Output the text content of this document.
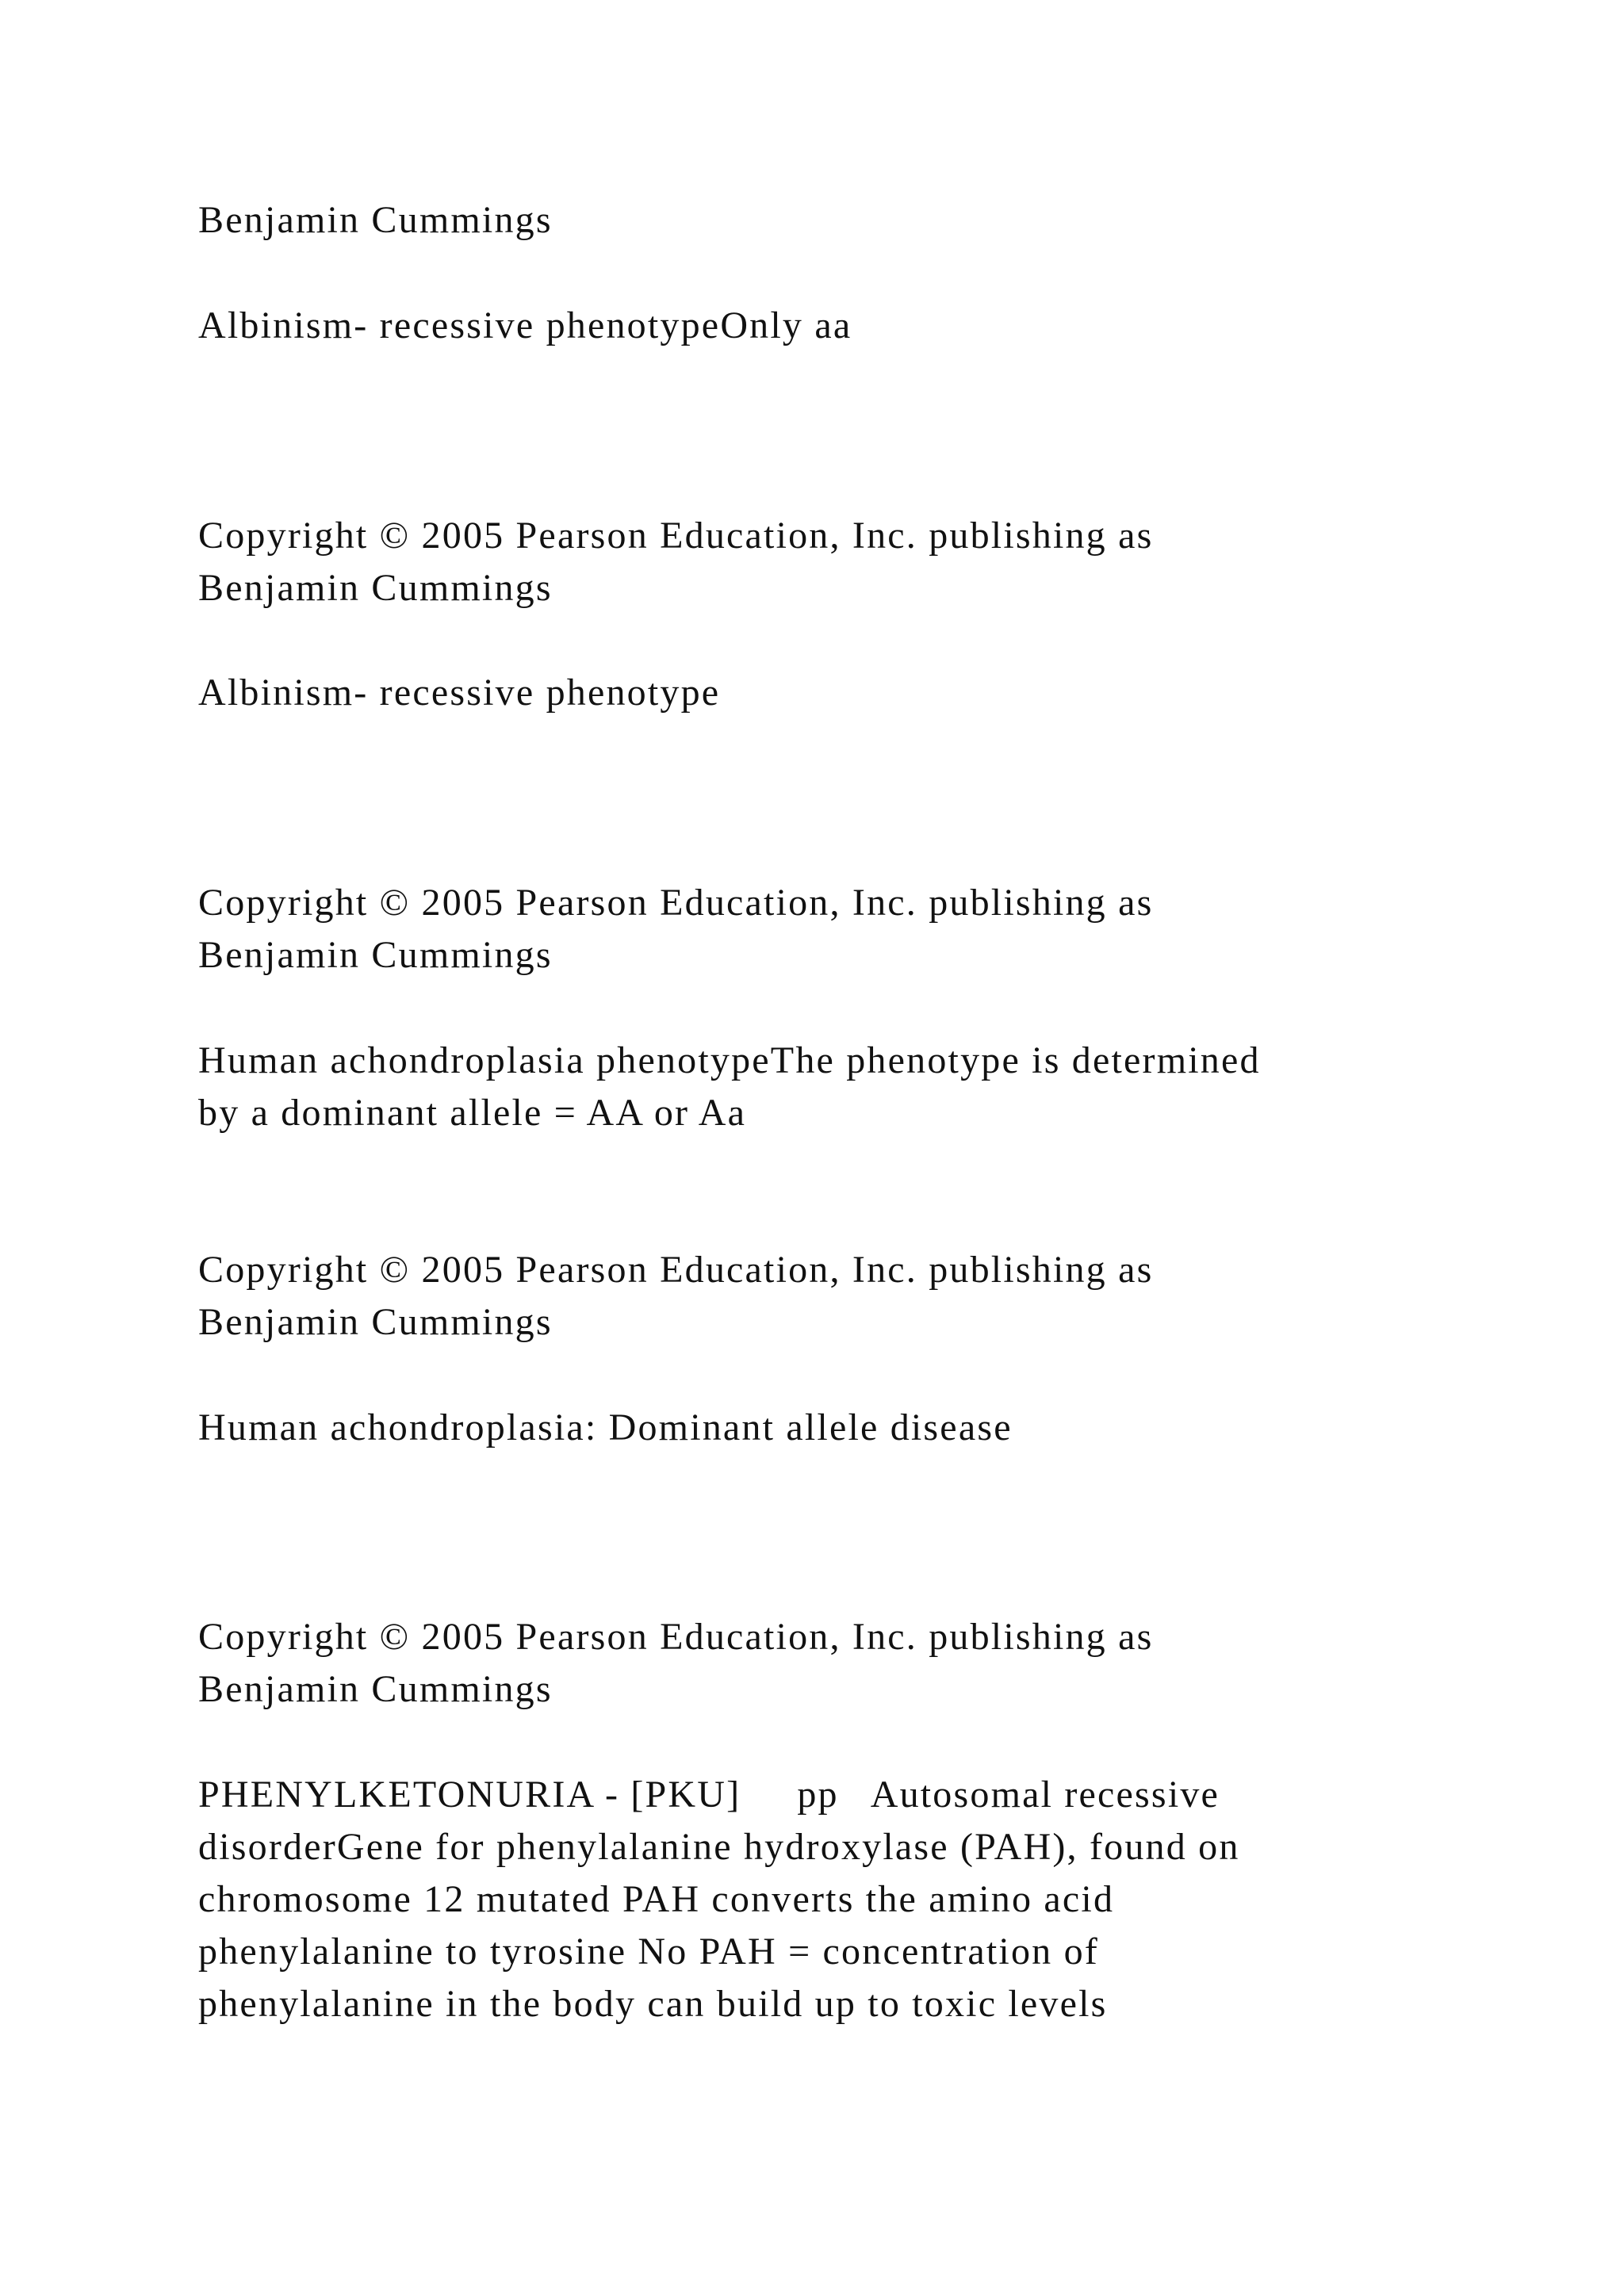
Benjamin Cummings

Albinism- recessive phenotypeOnly aa

Copyright © 2005 Pearson Education, Inc. publishing as

Benjamin Cummings

Albinism- recessive phenotype

Copyright © 2005 Pearson Education, Inc. publishing as

Benjamin Cummings

Human achondroplasia phenotypeThe phenotype is determined

by a dominant allele = AA or Aa

Copyright © 2005 Pearson Education, Inc. publishing as

Benjamin Cummings

Human achondroplasia: Dominant allele disease

Copyright © 2005 Pearson Education, Inc. publishing as

Benjamin Cummings

PHENYLKETONURIA - [PKU]     pp   Autosomal recessive

disorderGene for phenylalanine hydroxylase (PAH), found on

chromosome 12 mutated PAH converts the amino acid

phenylalanine to tyrosine No PAH = concentration of

phenylalanine in the body can build up to toxic levels
